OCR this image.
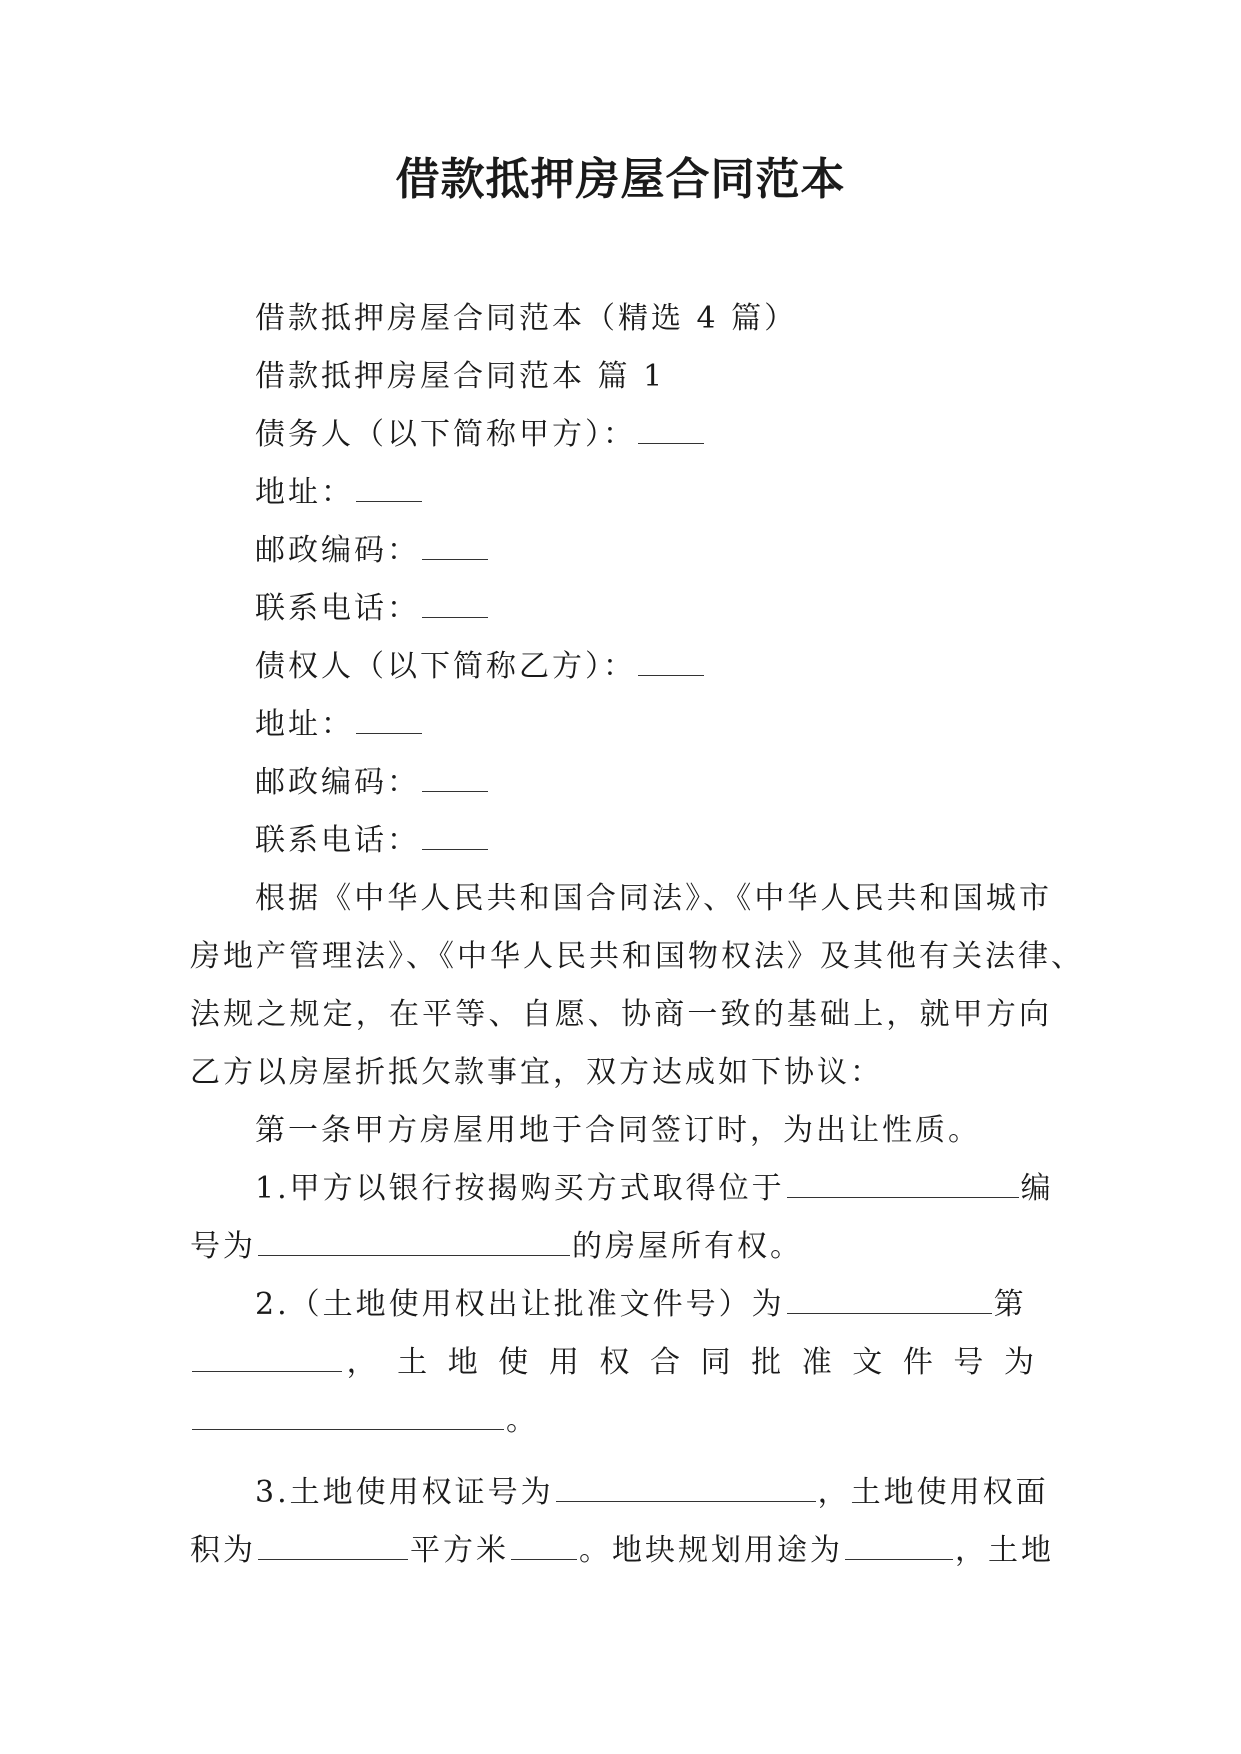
借款抵押房屋合同范本
借款抵押房屋合同范本（精选 4 篇）
借款抵押房屋合同范本 篇 1
债务人（以下简称甲方）：
地址：
邮政编码：
联系电话：
债权人（以下简称乙方）：
地址：
邮政编码：
联系电话：
根据《中华人民共和国合同法》、《中华人民共和国城市
房地产管理法》、《中华人民共和国物权法》及其他有关法律、
法规之规定，在平等、自愿、协商一致的基础上，就甲方向
乙方以房屋折抵欠款事宜，双方达成如下协议：
第一条甲方房屋用地于合同签订时，为出让性质。
1.甲方以银行按揭购买方式取得位于	编
号为	的房屋所有权。
2.（土地使用权出让批准文件号）为	第
，土地使用权合同批准文件号为
。
3.土地使用权证号为	，土地使用权面
积为	平方米 。地块规划用途为	，土地
